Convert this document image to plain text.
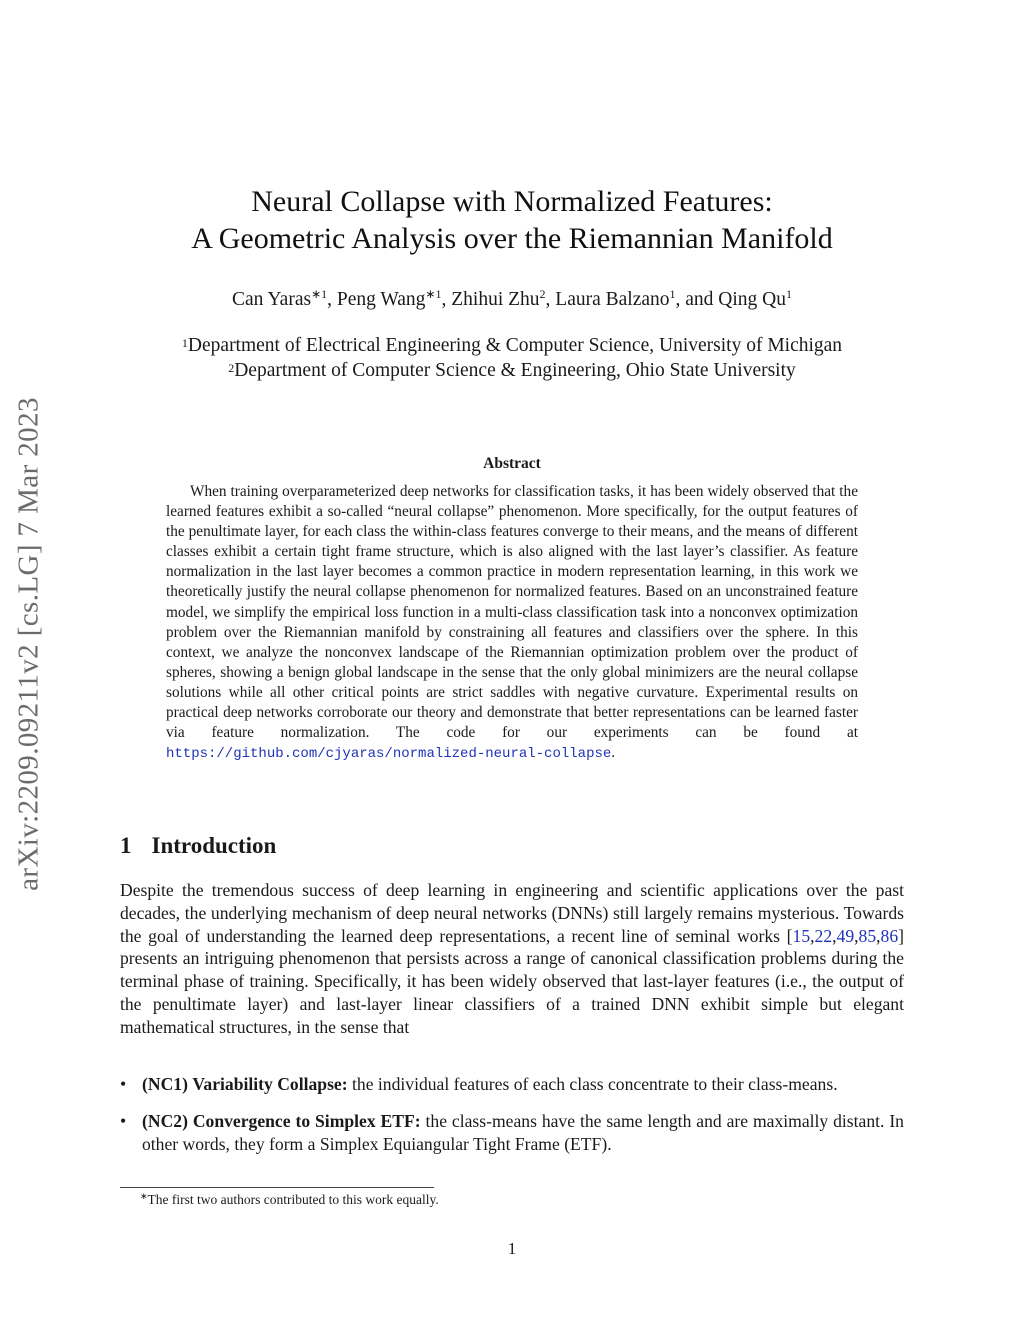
arXiv:2209.09211v2 [cs.LG] 7 Mar 2023
Neural Collapse with Normalized Features:
A Geometric Analysis over the Riemannian Manifold
Can Yaras$^{∗1}$, Peng Wang$^{∗1}$, Zhihui Zhu$^2$, Laura Balzano$^1$, and Qing Qu$^1$
$^1$Department of Electrical Engineering & Computer Science, University of Michigan
$^2$Department of Computer Science & Engineering, Ohio State University
Abstract
When training overparameterized deep networks for classification tasks, it has been widely observed that the learned features exhibit a so-called “neural collapse” phenomenon. More specifically, for the output features of the penultimate layer, for each class the within-class features converge to their means, and the means of different classes exhibit a certain tight frame structure, which is also aligned with the last layer’s classifier. As feature normalization in the last layer becomes a common practice in modern representation learning, in this work we theoretically justify the neural collapse phenomenon for normalized features. Based on an unconstrained feature model, we simplify the empirical loss function in a multi-class classification task into a nonconvex optimization problem over the Riemannian manifold by constraining all features and classifiers over the sphere. In this context, we analyze the nonconvex landscape of the Riemannian optimization problem over the product of spheres, showing a benign global landscape in the sense that the only global minimizers are the neural collapse solutions while all other critical points are strict saddles with negative curvature. Experimental results on practical deep networks corroborate our theory and demonstrate that better representations can be learned faster via feature normalization. The code for our experiments can be found at https://github.com/cjyaras/normalized-neural-collapse.
1 Introduction
Despite the tremendous success of deep learning in engineering and scientific applications over the past decades, the underlying mechanism of deep neural networks (DNNs) still largely remains mysterious. Towards the goal of understanding the learned deep representations, a recent line of seminal works [15,22,49,85,86] presents an intriguing phenomenon that persists across a range of canonical classification problems during the terminal phase of training. Specifically, it has been widely observed that last-layer features (i.e., the output of the penultimate layer) and last-layer linear classifiers of a trained DNN exhibit simple but elegant mathematical structures, in the sense that
• (NC1) Variability Collapse: the individual features of each class concentrate to their class-means.
• (NC2) Convergence to Simplex ETF: the class-means have the same length and are maximally distant. In other words, they form a Simplex Equiangular Tight Frame (ETF).
∗The first two authors contributed to this work equally.
1
